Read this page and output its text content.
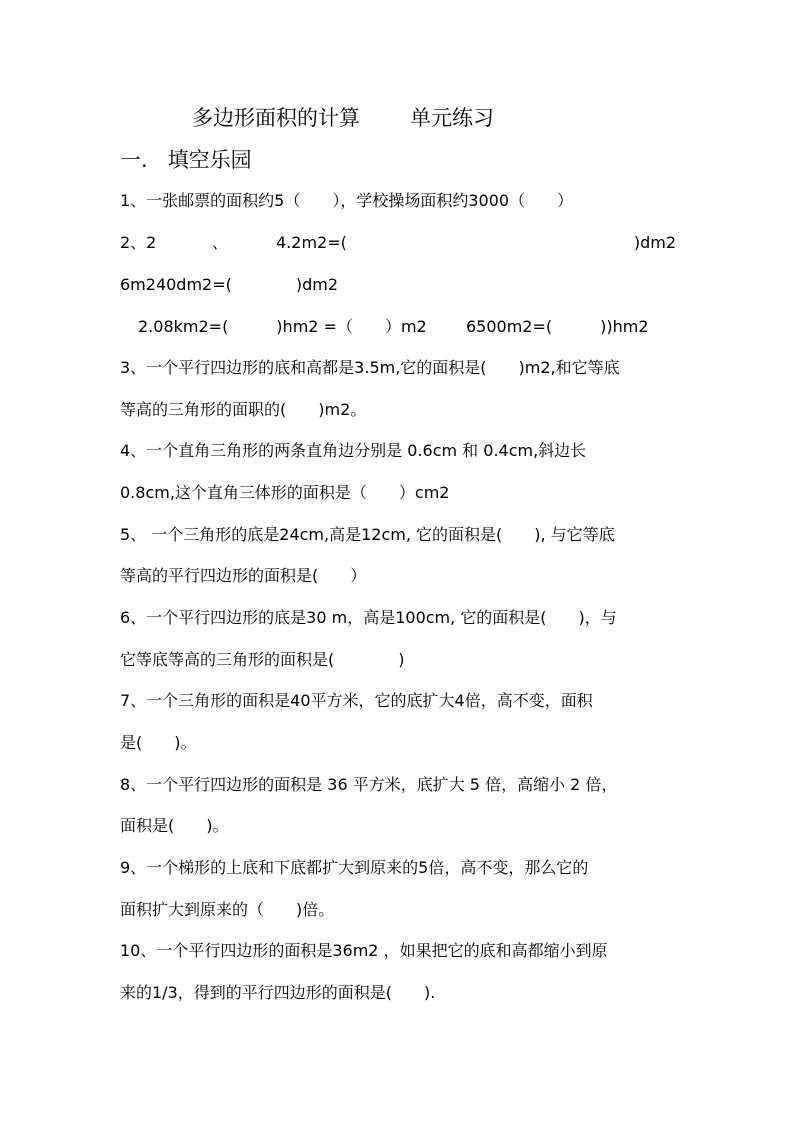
多边形面积的计算 单元练习
一. 填空乐园
1、一张邮票的面积约5（　　），学校操场面积约3000（　　）
2、2	、	4.2m2=(	)dm2
6m240dm2=(　　　　)dm2
2.08km2=(　　　)hm2 =（　　）m2 6500m2=(　　　))hm2
3、一个平行四边形的底和高都是3.5m,它的面积是(　　)m2,和它等底
等高的三角形的面职的(　　)m2。
4、一个直角三角形的两条直角边分别是 0.6cm 和 0.4cm,斜边长
0.8cm,这个直角三体形的面积是（　　）cm2
5、 一个三角形的底是24cm,高是12cm, 它的面积是(　　), 与它等底
等高的平行四边形的面积是(　　）
6、一个平行四边形的底是30 m，高是100cm, 它的面积是(　　)，与
它等底等高的三角形的面积是(　　　　)
7、一个三角形的面积是40平方米，它的底扩大4倍，高不变，面积
是(　　)。
8、一个平行四边形的面积是 36 平方米，底扩大 5 倍，高缩小 2 倍，
面积是(　　)。
9、一个梯形的上底和下底都扩大到原来的5倍，高不变，那么它的
面积扩大到原来的（　　)倍。
10、一个平行四边形的面积是36m2 ，如果把它的底和高都缩小到原
来的1/3，得到的平行四边形的面积是(　　).
